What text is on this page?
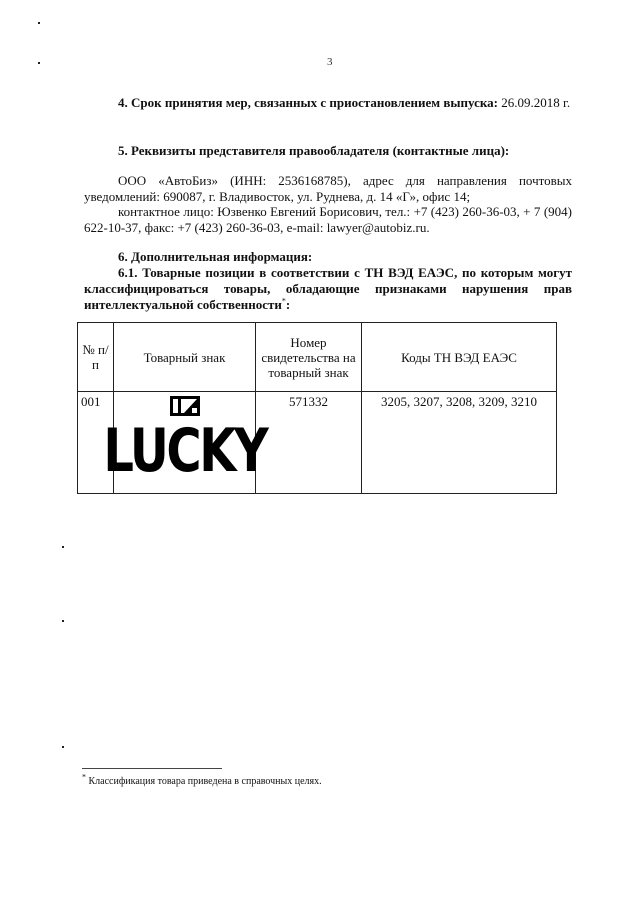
3
4. Срок принятия мер, связанных с приостановлением выпуска: 26.09.2018 г.
5. Реквизиты представителя правообладателя (контактные лица):
ООО «АвтоБиз» (ИНН: 2536168785), адрес для направления почтовых уведомлений: 690087, г. Владивосток, ул. Руднева, д. 14 «Г», офис 14;
контактное лицо: Юзвенко Евгений Борисович, тел.: +7 (423) 260-36-03, + 7 (904) 622-10-37, факс: +7 (423) 260-36-03, e-mail: lawyer@autobiz.ru.
6. Дополнительная информация:
6.1. Товарные позиции в соответствии с ТН ВЭД ЕАЭС, по которым могут классифицироваться товары, обладающие признаками нарушения прав интеллектуальной собственности*:
№ п/п	Товарный знак	Номер свидетельства на товарный знак	Коды ТН ВЭД ЕАЭС
001	LUCKY	571332	3205, 3207, 3208, 3209, 3210
* Классификация товара приведена в справочных целях.
